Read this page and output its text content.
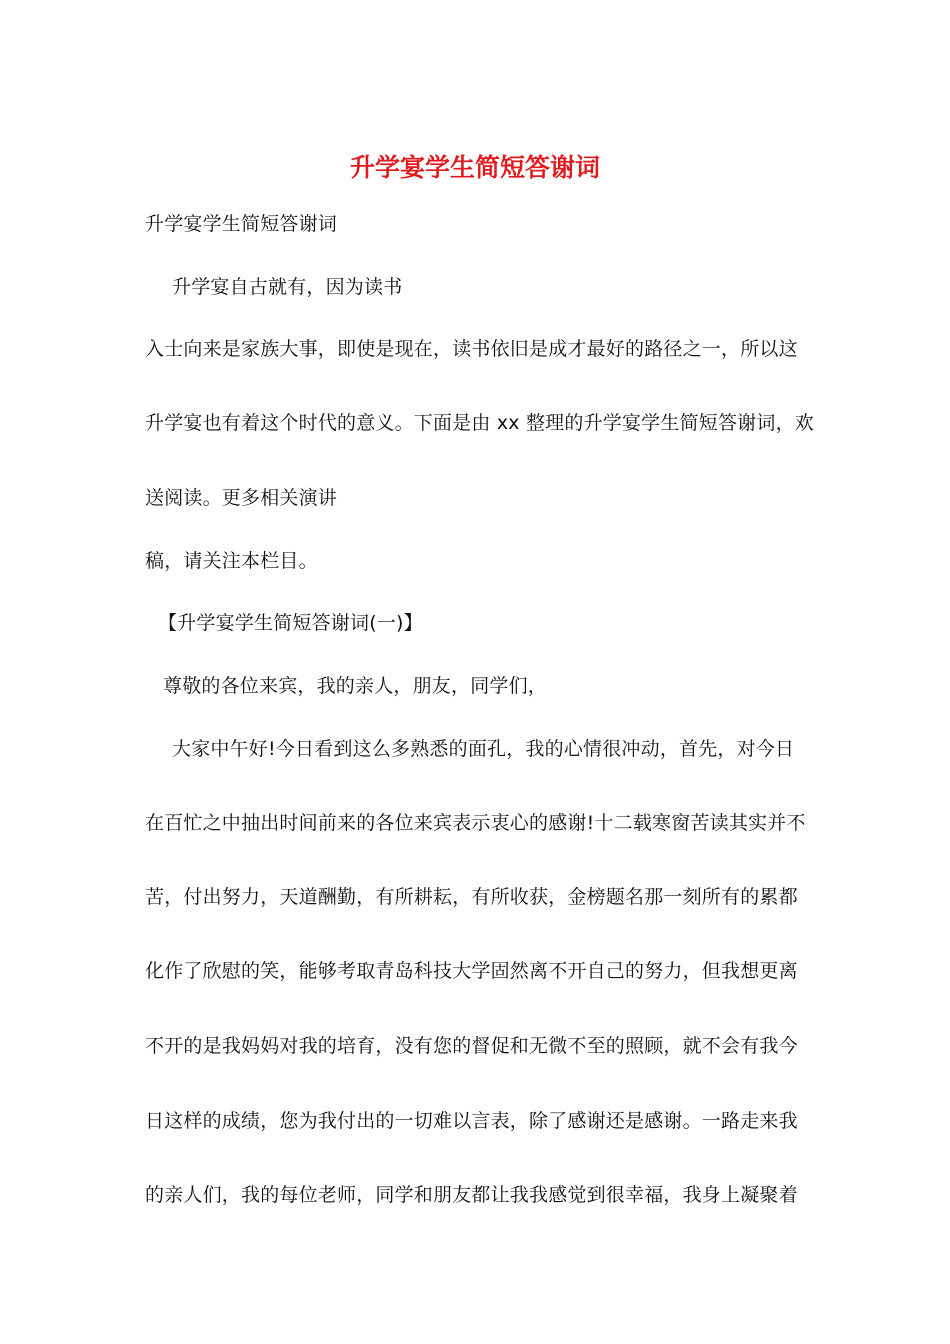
升学宴学生简短答谢词
升学宴学生简短答谢词
升学宴自古就有，因为读书
入士向来是家族大事，即使是现在，读书依旧是成才最好的路径之一，所以这
升学宴也有着这个时代的意义。下面是由 xx 整理的升学宴学生简短答谢词，欢
送阅读。更多相关演讲
稿，请关注本栏目。
【升学宴学生简短答谢词(一)】
尊敬的各位来宾，我的亲人，朋友，同学们，
大家中午好!今日看到这么多熟悉的面孔，我的心情很冲动，首先，对今日
在百忙之中抽出时间前来的各位来宾表示衷心的感谢!十二载寒窗苦读其实并不
苦，付出努力，天道酬勤，有所耕耘，有所收获，金榜题名那一刻所有的累都
化作了欣慰的笑，能够考取青岛科技大学固然离不开自己的努力，但我想更离
不开的是我妈妈对我的培育，没有您的督促和无微不至的照顾，就不会有我今
日这样的成绩，您为我付出的一切难以言表，除了感谢还是感谢。一路走来我
的亲人们，我的每位老师，同学和朋友都让我我感觉到很幸福，我身上凝聚着
